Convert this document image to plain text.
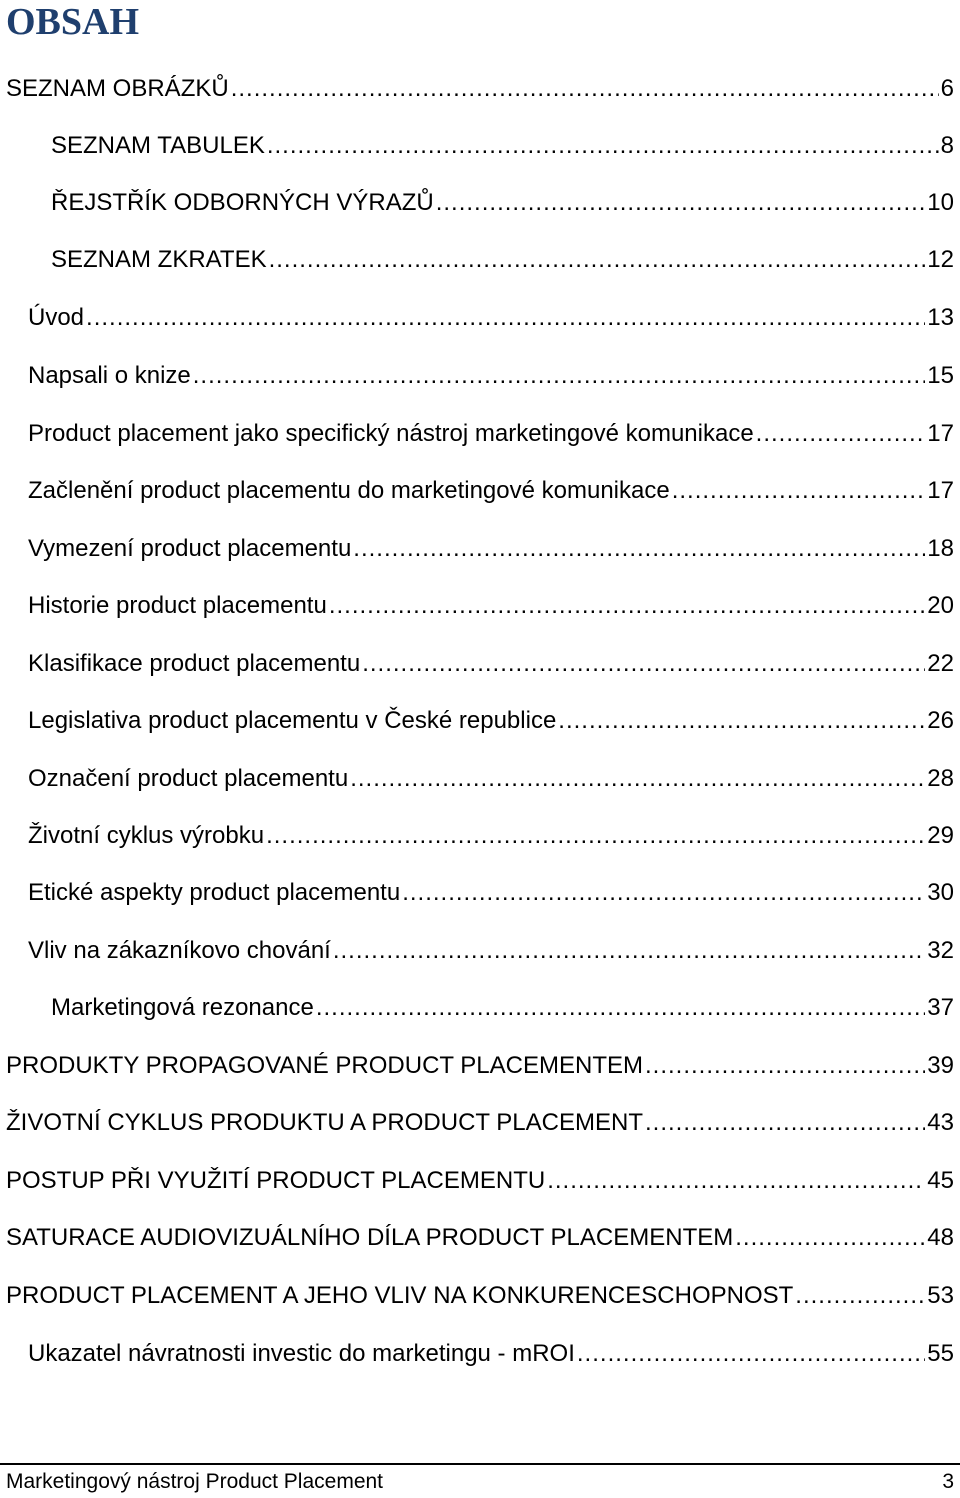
OBSAH
SEZNAM OBRÁZKŮ .....	6
SEZNAM TABULEK .....	8
ŘEJSTŘÍK ODBORNÝCH VÝRAZŮ .....	10
SEZNAM ZKRATEK .....	12
Úvod .....	13
Napsali o knize .....	15
Product placement jako specifický nástroj marketingové komunikace .....	17
Začlenění product placementu do marketingové komunikace .....	17
Vymezení product placementu .....	18
Historie product placementu .....	20
Klasifikace product placementu .....	22
Legislativa product placementu v České republice .....	26
Označení product placementu .....	28
Životní cyklus výrobku .....	29
Etické aspekty product placementu .....	30
Vliv na zákazníkovo chování .....	32
Marketingová rezonance .....	37
PRODUKTY PROPAGOVANÉ PRODUCT PLACEMENTEM .....	39
ŽIVOTNÍ CYKLUS PRODUKTU A PRODUCT PLACEMENT .....	43
POSTUP PŘI VYUŽITÍ PRODUCT PLACEMENTU .....	45
SATURACE AUDIOVIZUÁLNÍHO DÍLA PRODUCT PLACEMENTEM .....	48
PRODUCT PLACEMENT A JEHO VLIV NA KONKURENCESCHOPNOST .....	53
Ukazatel návratnosti investic do marketingu - mROI .....	55
Marketingový nástroj Product Placement	3
